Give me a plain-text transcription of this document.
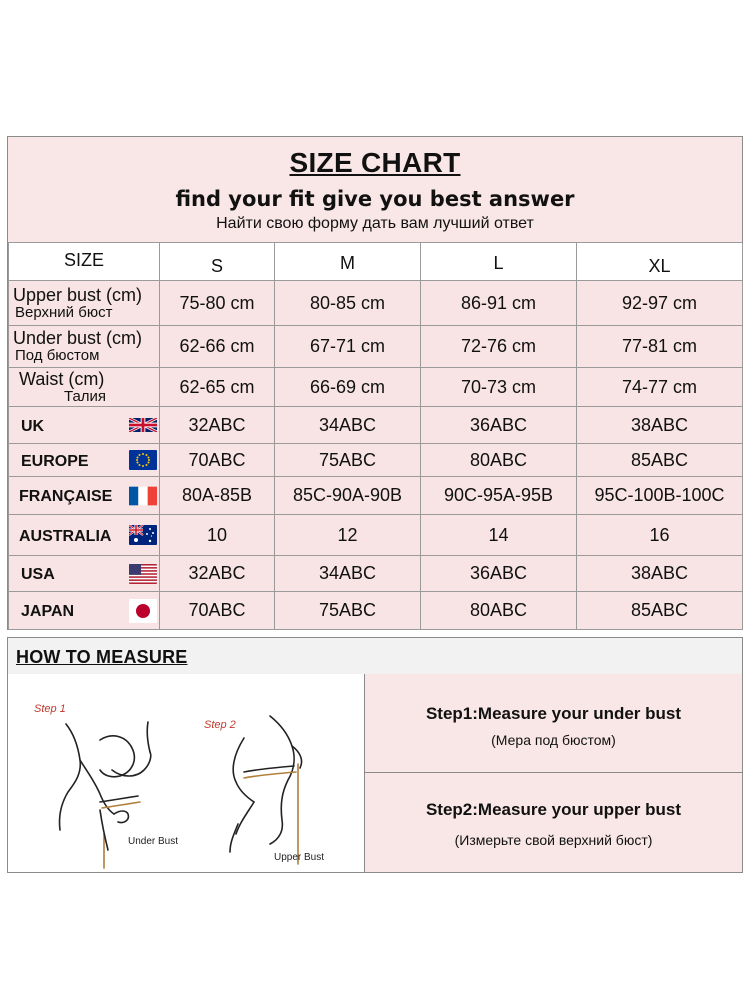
SIZE CHART
find your fit give you best answer
Найти свою форму дать вам лучший ответ
SIZE	S	M	L	XL

Upper bust (cm)
Верхний бюст	75-80 cm	80-85 cm	86-91 cm	92-97 cm

Under bust (cm)
Под бюстом	62-66 cm	67-71 cm	72-76 cm	77-81 cm

Waist (cm)
Талия	62-65 cm	66-69 cm	70-73 cm	74-77 cm
UK	32ABC	34ABC	36ABC	38ABC
EUROPE	70ABC	75ABC	80ABC	85ABC
FRANÇAISE	80A-85B	85C-90A-90B	90C-95A-95B	95C-100B-100C
AUSTRALIA	10	12	14	16
USA	32ABC	34ABC	36ABC	38ABC
JAPAN	70ABC	75ABC	80ABC	85ABC
HOW TO MEASURE
Step 1
Under Bust
Step 2
Upper Bust
Step1:Measure your under bust
(Мера под бюстом)
Step2:Measure your upper bust
(Измерьте свой верхний бюст)
